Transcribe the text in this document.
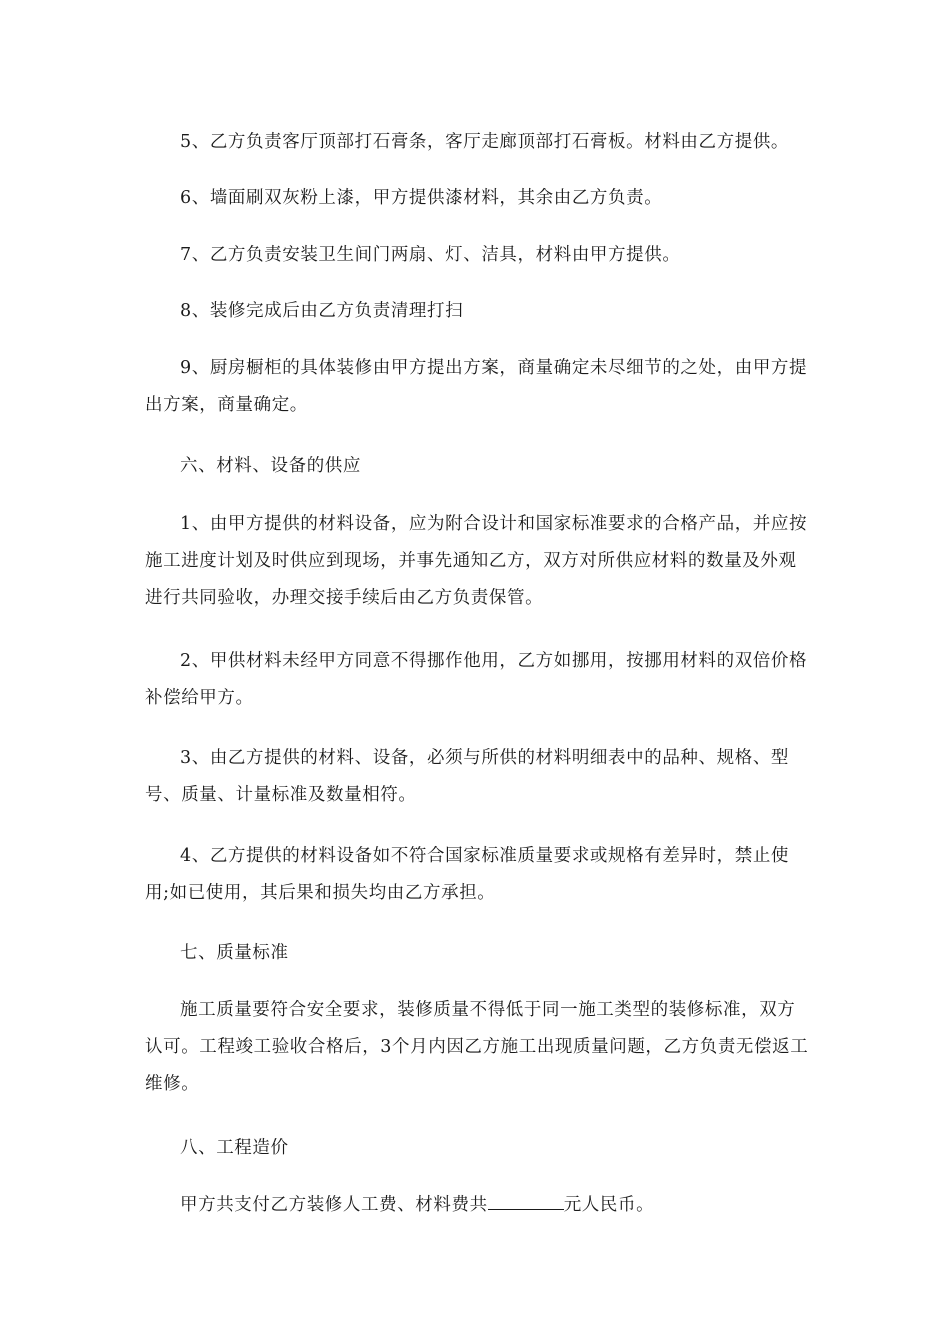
5、乙方负责客厅顶部打石膏条，客厅走廊顶部打石膏板。材料由乙方提供。

6、墙面刷双灰粉上漆，甲方提供漆材料，其余由乙方负责。

7、乙方负责安装卫生间门两扇、灯、洁具，材料由甲方提供。

8、装修完成后由乙方负责清理打扫

9、厨房橱柜的具体装修由甲方提出方案，商量确定未尽细节的之处，由甲方提出方案，商量确定。

六、材料、设备的供应

1、由甲方提供的材料设备，应为附合设计和国家标准要求的合格产品，并应按施工进度计划及时供应到现场，并事先通知乙方，双方对所供应材料的数量及外观进行共同验收，办理交接手续后由乙方负责保管。

2、甲供材料未经甲方同意不得挪作他用，乙方如挪用，按挪用材料的双倍价格补偿给甲方。

3、由乙方提供的材料、设备，必须与所供的材料明细表中的品种、规格、型号、质量、计量标准及数量相符。

4、乙方提供的材料设备如不符合国家标准质量要求或规格有差异时，禁止使用;如已使用，其后果和损失均由乙方承担。

七、质量标准

施工质量要符合安全要求，装修质量不得低于同一施工类型的装修标准，双方认可。工程竣工验收合格后，3个月内因乙方施工出现质量问题，乙方负责无偿返工维修。

八、工程造价

甲方共支付乙方装修人工费、材料费共	元人民币。
